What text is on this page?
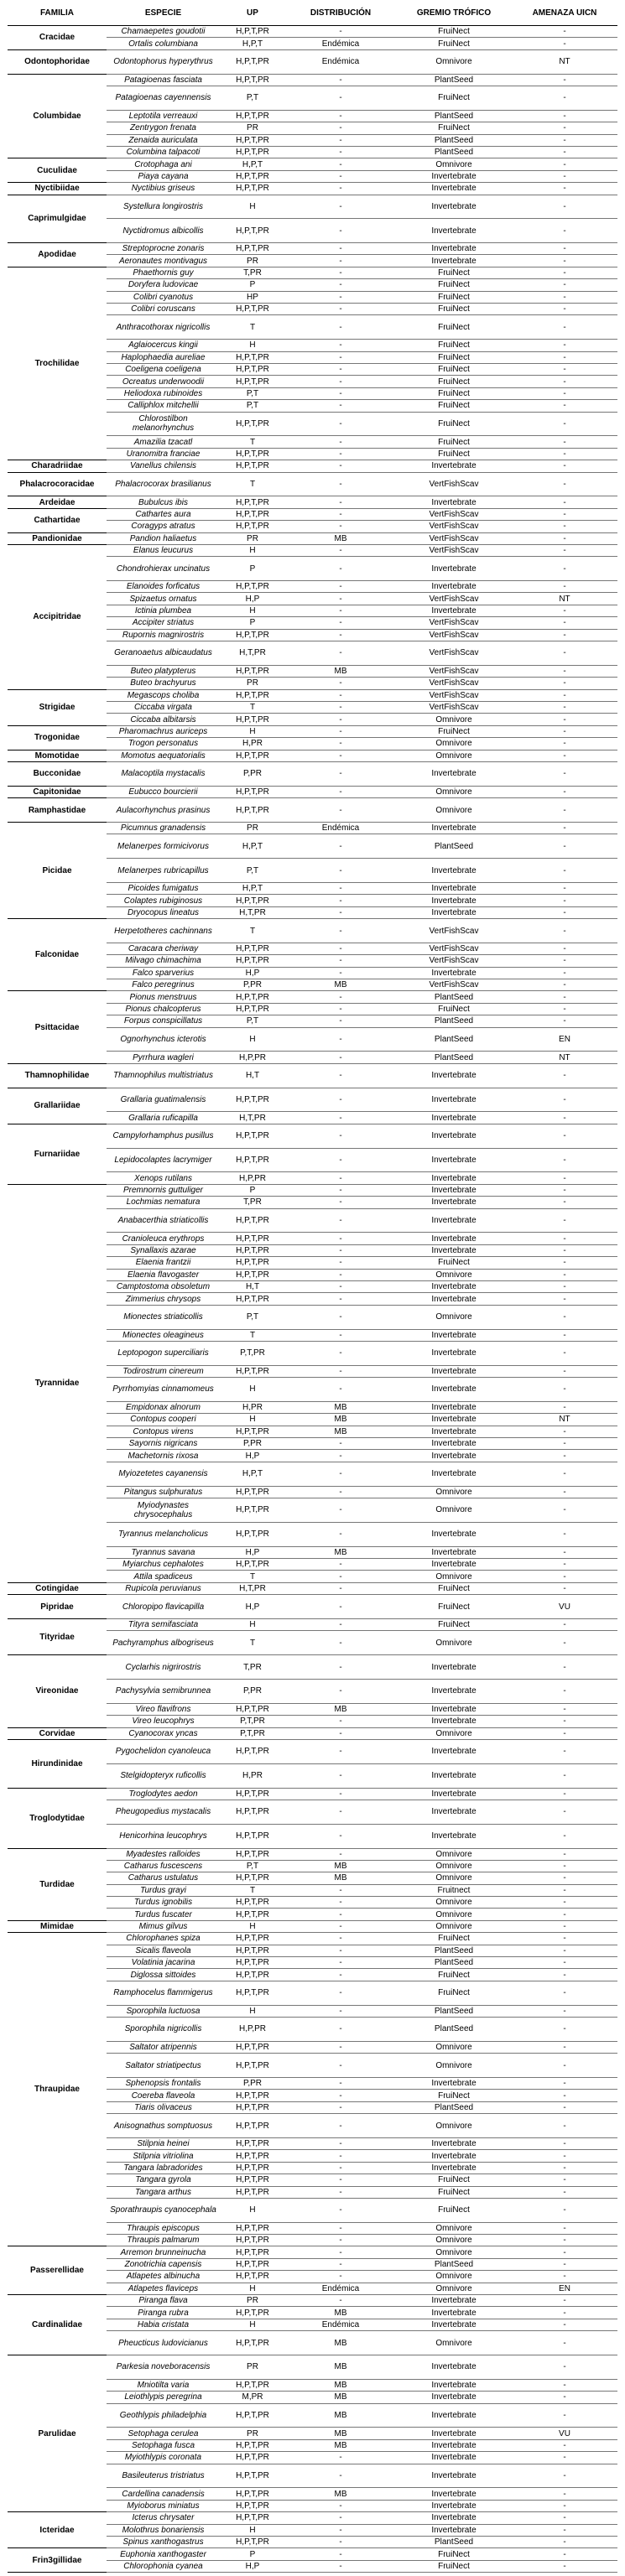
FAMILIA	ESPECIE	UP	DISTRIBUCIÓN	GREMIO TRÓFICO	AMENAZA UICN
Cracidae	Chamaepetes goudotii	H,P,T,PR	-	FruiNect	-
	Ortalis columbiana	H,P,T	Endémica	FruiNect	-
Odontophoridae	Odontophorus hyperythrus	H,P,T,PR	Endémica	Omnivore	NT
Columbidae	Patagioenas fasciata	H,P,T,PR	-	PlantSeed	-
	Patagioenas cayennensis	P,T	-	FruiNect	-
	Leptotila verreauxi	H,P,T,PR	-	PlantSeed	-
	Zentrygon frenata	PR	-	FruiNect	-
	Zenaida auriculata	H,P,T,PR	-	PlantSeed	-
	Columbina talpacoti	H,P,T,PR	-	PlantSeed	-
Cuculidae	Crotophaga ani	H,P,T	-	Omnivore	-
	Piaya cayana	H,P,T,PR	-	Invertebrate	-
Nyctibiidae	Nyctibius griseus	H,P,T,PR	-	Invertebrate	-
Caprimulgidae	Systellura longirostris	H	-	Invertebrate	-
	Nyctidromus albicollis	H,P,T,PR	-	Invertebrate	-
Apodidae	Streptoprocne zonaris	H,P,T,PR	-	Invertebrate	-
	Aeronautes montivagus	PR	-	Invertebrate	-
Trochilidae	Phaethornis guy	T,PR	-	FruiNect	-
	Doryfera ludovicae	P	-	FruiNect	-
	Colibri cyanotus	HP	-	FruiNect	-
	Colibri coruscans	H,P,T,PR	-	FruiNect	-
	Anthracothorax nigricollis	T	-	FruiNect	-
	Aglaiocercus kingii	H	-	FruiNect	-
	Haplophaedia aureliae	H,P,T,PR	-	FruiNect	-
	Coeligena coeligena	H,P,T,PR	-	FruiNect	-
	Ocreatus underwoodii	H,P,T,PR	-	FruiNect	-
	Heliodoxa rubinoides	P,T	-	FruiNect	-
	Calliphlox mitchellii	P,T	-	FruiNect	-
	Chlorostilbon melanorhynchus	H,P,T,PR	-	FruiNect	-
	Amazilia tzacatl	T	-	FruiNect	-
	Uranomitra franciae	H,P,T,PR	-	FruiNect	-
Charadriidae	Vanellus chilensis	H,P,T,PR	-	Invertebrate	-
Phalacrocoracidae	Phalacrocorax brasilianus	T	-	VertFishScav	-
Ardeidae	Bubulcus ibis	H,P,T,PR	-	Invertebrate	-
Cathartidae	Cathartes aura	H,P,T,PR	-	VertFishScav	-
	Coragyps atratus	H,P,T,PR	-	VertFishScav	-
Pandionidae	Pandion haliaetus	PR	MB	VertFishScav	-
Accipitridae	Elanus leucurus	H	-	VertFishScav	-
	Chondrohierax uncinatus	P	-	Invertebrate	-
	Elanoides forficatus	H,P,T,PR	-	Invertebrate	-
	Spizaetus ornatus	H,P	-	VertFishScav	NT
	Ictinia plumbea	H	-	Invertebrate	-
	Accipiter striatus	P	-	VertFishScav	-
	Rupornis magnirostris	H,P,T,PR	-	VertFishScav	-
	Geranoaetus albicaudatus	H,T,PR	-	VertFishScav	-
	Buteo platypterus	H,P,T,PR	MB	VertFishScav	-
	Buteo brachyurus	PR	-	VertFishScav	-
Strigidae	Megascops choliba	H,P,T,PR	-	VertFishScav	-
	Ciccaba virgata	T	-	VertFishScav	-
	Ciccaba albitarsis	H,P,T,PR	-	Omnivore	-
Trogonidae	Pharomachrus auriceps	H	-	FruiNect	-
	Trogon personatus	H,PR	-	Omnivore	-
Momotidae	Momotus aequatorialis	H,P,T,PR	-	Omnivore	-
Bucconidae	Malacoptila mystacalis	P,PR	-	Invertebrate	-
Capitonidae	Eubucco bourcierii	H,P,T,PR	-	Omnivore	-
Ramphastidae	Aulacorhynchus prasinus	H,P,T,PR	-	Omnivore	-
Picidae	Picumnus granadensis	PR	Endémica	Invertebrate	-
	Melanerpes formicivorus	H,P,T	-	PlantSeed	-
	Melanerpes rubricapillus	P,T	-	Invertebrate	-
	Picoides fumigatus	H,P,T	-	Invertebrate	-
	Colaptes rubiginosus	H,P,T,PR	-	Invertebrate	-
	Dryocopus lineatus	H,T,PR	-	Invertebrate	-
Falconidae	Herpetotheres cachinnans	T	-	VertFishScav	-
	Caracara cheriway	H,P,T,PR	-	VertFishScav	-
	Milvago chimachima	H,P,T,PR	-	VertFishScav	-
	Falco sparverius	H,P	-	Invertebrate	-
	Falco peregrinus	P,PR	MB	VertFishScav	-
Psittacidae	Pionus menstruus	H,P,T,PR	-	PlantSeed	-
	Pionus chalcopterus	H,P,T,PR	-	FruiNect	-
	Forpus conspicillatus	P,T	-	PlantSeed	-
	Ognorhynchus icterotis	H	-	PlantSeed	EN
	Pyrrhura wagleri	H,P,PR	-	PlantSeed	NT
Thamnophilidae	Thamnophilus multistriatus	H,T	-	Invertebrate	-
Grallariidae	Grallaria guatimalensis	H,P,T,PR	-	Invertebrate	-
	Grallaria ruficapilla	H,T,PR	-	Invertebrate	-
Furnariidae	Campylorhamphus pusillus	H,P,T,PR	-	Invertebrate	-
	Lepidocolaptes lacrymiger	H,P,T,PR	-	Invertebrate	-
	Xenops rutilans	H,P,PR	-	Invertebrate	-
Tyrannidae	Premnornis guttuliger	P	-	Invertebrate	-
	Lochmias nematura	T,PR	-	Invertebrate	-
	Anabacerthia striaticollis	H,P,T,PR	-	Invertebrate	-
	Cranioleuca erythrops	H,P,T,PR	-	Invertebrate	-
	Synallaxis azarae	H,P,T,PR	-	Invertebrate	-
	Elaenia frantzii	H,P,T,PR	-	FruiNect	-
	Elaenia flavogaster	H,P,T,PR	-	Omnivore	-
	Camptostoma obsoletum	H,T	-	Invertebrate	-
	Zimmerius chrysops	H,P,T,PR	-	Invertebrate	-
	Mionectes striaticollis	P,T	-	Omnivore	-
	Mionectes oleagineus	T	-	Invertebrate	-
	Leptopogon superciliaris	P,T,PR	-	Invertebrate	-
	Todirostrum cinereum	H,P,T,PR	-	Invertebrate	-
	Pyrrhomyias cinnamomeus	H	-	Invertebrate	-
	Empidonax alnorum	H,PR	MB	Invertebrate	-
	Contopus cooperi	H	MB	Invertebrate	NT
	Contopus virens	H,P,T,PR	MB	Invertebrate	-
	Sayornis nigricans	P,PR	-	Invertebrate	-
	Machetornis rixosa	H,P	-	Invertebrate	-
	Myiozetetes cayanensis	H,P,T	-	Invertebrate	-
	Pitangus sulphuratus	H,P,T,PR	-	Omnivore	-
	Myiodynastes chrysocephalus	H,P,T,PR	-	Omnivore	-
	Tyrannus melancholicus	H,P,T,PR	-	Invertebrate	-
	Tyrannus savana	H,P	MB	Invertebrate	-
	Myiarchus cephalotes	H,P,T,PR	-	Invertebrate	-
	Attila spadiceus	T	-	Omnivore	-
Cotingidae	Rupicola peruvianus	H,T,PR	-	FruiNect	-
Pipridae	Chloropipo flavicapilla	H,P	-	FruiNect	VU
Tityridae	Tityra semifasciata	H	-	FruiNect	-
	Pachyramphus albogriseus	T	-	Omnivore	-
Vireonidae	Cyclarhis nigrirostris	T,PR	-	Invertebrate	-
	Pachysylvia semibrunnea	P,PR	-	Invertebrate	-
	Vireo flavifrons	H,P,T,PR	MB	Invertebrate	-
	Vireo leucophrys	P,T,PR	-	Invertebrate	-
Corvidae	Cyanocorax yncas	P,T,PR	-	Omnivore	-
Hirundinidae	Pygochelidon cyanoleuca	H,P,T,PR	-	Invertebrate	-
	Stelgidopteryx ruficollis	H,PR	-	Invertebrate	-
Troglodytidae	Troglodytes aedon	H,P,T,PR	-	Invertebrate	-
	Pheugopedius mystacalis	H,P,T,PR	-	Invertebrate	-
	Henicorhina leucophrys	H,P,T,PR	-	Invertebrate	-
Turdidae	Myadestes ralloides	H,P,T,PR	-	Omnivore	-
	Catharus fuscescens	P,T	MB	Omnivore	-
	Catharus ustulatus	H,P,T,PR	MB	Omnivore	-
	Turdus grayi	T	-	Fruitnect	-
	Turdus ignobilis	H,P,T,PR	-	Omnivore	-
	Turdus fuscater	H,P,T,PR	-	Omnivore	-
Mimidae	Mimus gilvus	H	-	Omnivore	-
Thraupidae	Chlorophanes spiza	H,P,T,PR	-	FruiNect	-
	Sicalis flaveola	H,P,T,PR	-	PlantSeed	-
	Volatinia jacarina	H,P,T,PR	-	PlantSeed	-
	Diglossa sittoides	H,P,T,PR	-	FruiNect	-
	Ramphocelus flammigerus	H,P,T,PR	-	FruiNect	-
	Sporophila luctuosa	H	-	PlantSeed	-
	Sporophila nigricollis	H,P,PR	-	PlantSeed	-
	Saltator atripennis	H,P,T,PR	-	Omnivore	-
	Saltator striatipectus	H,P,T,PR	-	Omnivore	-
	Sphenopsis frontalis	P,PR	-	Invertebrate	-
	Coereba flaveola	H,P,T,PR	-	FruiNect	-
	Tiaris olivaceus	H,P,T,PR	-	PlantSeed	-
	Anisognathus somptuosus	H,P,T,PR	-	Omnivore	-
	Stilpnia heinei	H,P,T,PR	-	Invertebrate	-
	Stilpnia vitriolina	H,P,T,PR	-	Invertebrate	-
	Tangara labradorides	H,P,T,PR	-	Invertebrate	-
	Tangara gyrola	H,P,T,PR	-	FruiNect	-
	Tangara arthus	H,P,T,PR	-	FruiNect	-
	Sporathraupis cyanocephala	H	-	FruiNect	-
	Thraupis episcopus	H,P,T,PR	-	Omnivore	-
	Thraupis palmarum	H,P,T,PR	-	Omnivore	-
Passerellidae	Arremon brunneinucha	H,P,T,PR	-	Omnivore	-
	Zonotrichia capensis	H,P,T,PR	-	PlantSeed	-
	Atlapetes albinucha	H,P,T,PR	-	Omnivore	-
	Atlapetes flaviceps	H	Endémica	Omnivore	EN
Cardinalidae	Piranga flava	PR	-	Invertebrate	-
	Piranga rubra	H,P,T,PR	MB	Invertebrate	-
	Habia cristata	H	Endémica	Invertebrate	-
	Pheucticus ludovicianus	H,P,T,PR	MB	Omnivore	-
Parulidae	Parkesia noveboracensis	PR	MB	Invertebrate	-
	Mniotilta varia	H,P,T,PR	MB	Invertebrate	-
	Leiothlypis peregrina	M,PR	MB	Invertebrate	-
	Geothlypis philadelphia	H,P,T,PR	MB	Invertebrate	-
	Setophaga cerulea	PR	MB	Invertebrate	VU
	Setophaga fusca	H,P,T,PR	MB	Invertebrate	-
	Myiothlypis coronata	H,P,T,PR	-	Invertebrate	-
	Basileuterus tristriatus	H,P,T,PR	-	Invertebrate	-
	Cardellina canadensis	H,P,T,PR	MB	Invertebrate	-
	Myioborus miniatus	H,P,T,PR	-	Invertebrate	-
Icteridae	Icterus chrysater	H,P,T,PR	-	Invertebrate	-
	Molothrus bonariensis	H	-	Invertebrate	-
	Spinus xanthogastrus	H,P,T,PR	-	PlantSeed	-
Frin3gillidae	Euphonia xanthogaster	P	-	FruiNect	-
	Chlorophonia cyanea	H,P	-	FruiNect	-
